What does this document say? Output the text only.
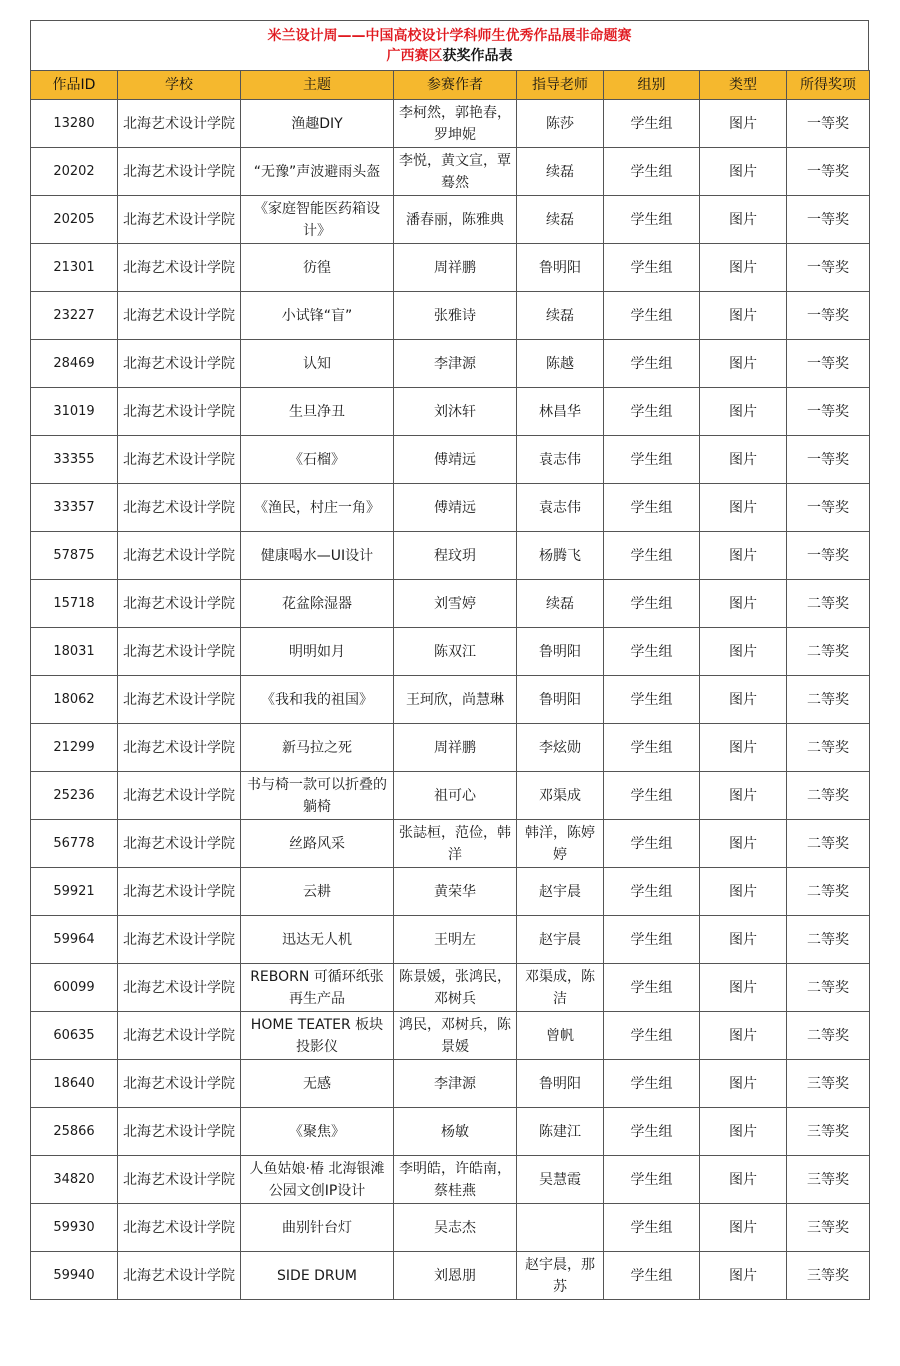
米兰设计周——中国高校设计学科师生优秀作品展非命题赛
广西赛区获奖作品表
作品ID	学校	主题	参赛作者	指导老师	组别	类型	所得奖项
13280	北海艺术设计学院	渔趣DIY	李柯然，郭艳春，罗坤妮	陈莎	学生组	图片	一等奖
20202	北海艺术设计学院	“无豫”声波避雨头盔	李悦，黄文宣，覃蓦然	续磊	学生组	图片	一等奖
20205	北海艺术设计学院	《家庭智能医药箱设计》	潘春丽，陈雅典	续磊	学生组	图片	一等奖
21301	北海艺术设计学院	彷徨	周祥鹏	鲁明阳	学生组	图片	一等奖
23227	北海艺术设计学院	小试锋“盲”	张雅诗	续磊	学生组	图片	一等奖
28469	北海艺术设计学院	认知	李津源	陈越	学生组	图片	一等奖
31019	北海艺术设计学院	生旦净丑	刘沐轩	林昌华	学生组	图片	一等奖
33355	北海艺术设计学院	《石榴》	傅靖远	袁志伟	学生组	图片	一等奖
33357	北海艺术设计学院	《渔民，村庄一角》	傅靖远	袁志伟	学生组	图片	一等奖
57875	北海艺术设计学院	健康喝水—UI设计	程玟玥	杨腾飞	学生组	图片	一等奖
15718	北海艺术设计学院	花盆除湿器	刘雪婷	续磊	学生组	图片	二等奖
18031	北海艺术设计学院	明明如月	陈双江	鲁明阳	学生组	图片	二等奖
18062	北海艺术设计学院	《我和我的祖国》	王珂欣，尚慧琳	鲁明阳	学生组	图片	二等奖
21299	北海艺术设计学院	新马拉之死	周祥鹏	李炫勋	学生组	图片	二等奖
25236	北海艺术设计学院	书与椅一款可以折叠的躺椅	祖可心	邓渠成	学生组	图片	二等奖
56778	北海艺术设计学院	丝路风采	张誌桓，范俭，韩洋	韩洋，陈婷婷	学生组	图片	二等奖
59921	北海艺术设计学院	云耕	黄荣华	赵宇晨	学生组	图片	二等奖
59964	北海艺术设计学院	迅达无人机	王明左	赵宇晨	学生组	图片	二等奖
60099	北海艺术设计学院	REBORN 可循环纸张再生产品	陈景媛，张鸿民，邓树兵	邓渠成，陈洁	学生组	图片	二等奖
60635	北海艺术设计学院	HOME TEATER 板块投影仪	鸿民，邓树兵，陈景媛	曾帆	学生组	图片	二等奖
18640	北海艺术设计学院	无感	李津源	鲁明阳	学生组	图片	三等奖
25866	北海艺术设计学院	《聚焦》	杨敏	陈建江	学生组	图片	三等奖
34820	北海艺术设计学院	人鱼姑娘·椿 北海银滩公园文创IP设计	李明皓，许皓南，蔡桂燕	吴慧霞	学生组	图片	三等奖
59930	北海艺术设计学院	曲别针台灯	吴志杰		学生组	图片	三等奖
59940	北海艺术设计学院	SIDE DRUM	刘恩朋	赵宇晨，那苏	学生组	图片	三等奖
